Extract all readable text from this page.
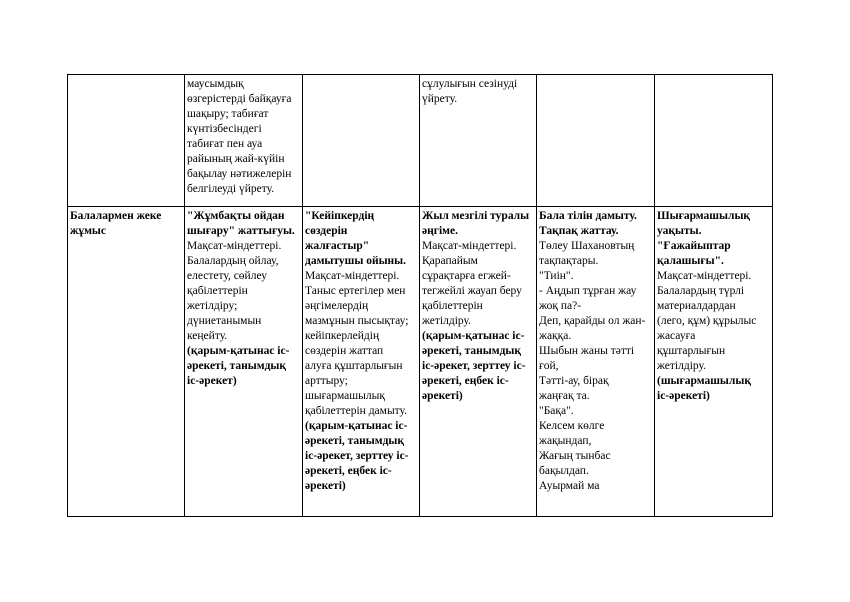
маусымдық
өзгерістерді байқауға
шақыру; табиғат
күнтізбесіндегі
табиғат пен ауа
райының жай-күйін
бақылау нәтижелерін
белгілеуді үйрету.
сұлулығын сезінуді
үйрету.
Балалармен жеке
жұмыс
"Жұмбақты ойдан
шығару" жаттығуы.
Мақсат-міндеттері.
Балалардың ойлау,
елестету, сөйлеу
қабілеттерін
жетілдіру;
дүниетанымын
кеңейту.
(қарым-қатынас іс-
әрекеті, танымдық
іс-әрекет)
"Кейіпкердің
сөздерін
жалғастыр"
дамытушы ойыны.
Мақсат-міндеттері.
Таныс ертегілер мен
әңгімелердің
мазмұнын пысықтау;
кейіпкерлейдің
сөздерін жаттап
алуға құштарлығын
арттыру;
шығармашылық
қабілеттерін дамыту.
(қарым-қатынас іс-
әрекеті, танымдық
іс-әрекет, зерттеу іс-
әрекеті, еңбек іс-
әрекеті)
Жыл мезгілі туралы
әңгіме.
Мақсат-міндеттері.
Қарапайым
сұрақтарға егжей-
тегжейлі жауап беру
қабілеттерін
жетілдіру.
(қарым-қатынас іс-
әрекеті, танымдық
іс-әрекет, зерттеу іс-
әрекеті, еңбек іс-
әрекеті)
Бала тілін дамыту.
Тақпақ жаттау.
Төлеу Шахановтың
тақпақтары.
"Тиін".
- Аңдып тұрған жау
жоқ па?-
Деп, қарайды ол жан-
жаққа.
Шыбын жаны тәтті
ғой,
Тәтті-ау, бірақ
жаңғақ та.
"Бақа".
Келсем көлге
жақындап,
Жағың тынбас
бақылдап.
Ауырмай ма
Шығармашылық
уақыты.
"Ғажайыптар
қалашығы".
Мақсат-міндеттері.
Балалардың түрлі
материалдардан
(лего, құм) құрылыс
жасауға
құштарлығын
жетілдіру.
(шығармашылық
іс-әрекеті)
